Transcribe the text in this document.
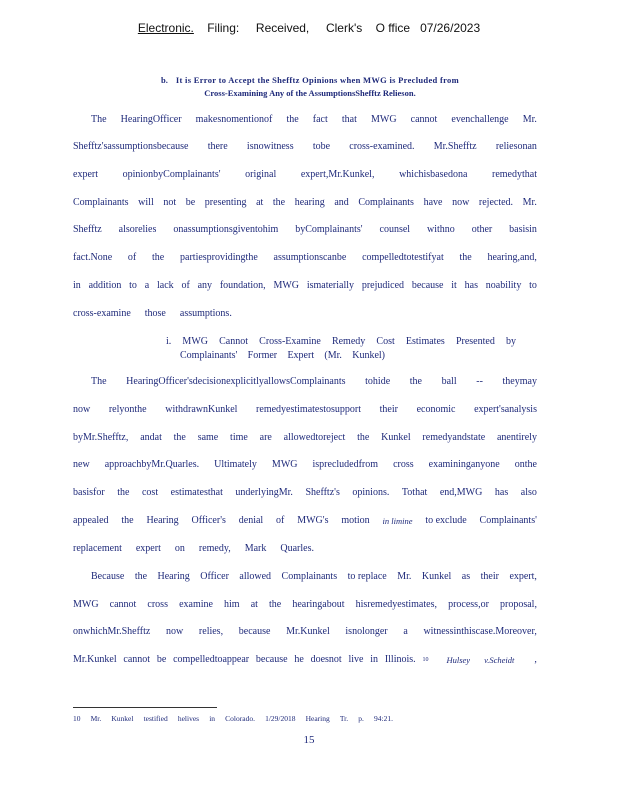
Electronic. Filing: Received, Clerk's O ffice 07/26/2023
b. It is Error to Accept the Shefftz Opinions when MWG is Precluded from
Cross-Examining Any of the AssumptionsShefftz Relieson.
The HearingOfficer makesnomentionof the fact that MWG cannot evenchallenge Mr.
Shefftz'sassumptionsbecause there isnowitness tobe cross-examined. Mr.Shefftz reliesonan
expert opinionbyComplainants' original expert,Mr.Kunkel, whichisbasedona remedythat
Complainants will not be presenting at the hearing and Complainants have now rejected. Mr.
Shefftz alsorelies onassumptionsgiventohim byComplainants' counsel withno other basisin
fact.None of the partiesprovidingthe assumptionscanbe compelledtotestifyat the hearing,and,
in addition to a lack of any foundation, MWG ismaterially prejudiced because it has noability to
cross-examine those assumptions.
i. MWG Cannot Cross-Examine Remedy Cost Estimates Presented by
Complainants' Former Expert (Mr. Kunkel)
The HearingOfficer'sdecisionexplicitlyallowsComplainants tohide the ball -- theymay
now relyonthe withdrawnKunkel remedyestimatestosupport their economic expert'sanalysis
byMr.Shefftz, andat the same time are allowedtoreject the Kunkel remedyandstate anentirely
new approachbyMr.Quarles. Ultimately MWG isprecludedfrom cross examininganyone onthe
basisfor the cost estimatesthat underlyingMr. Shefftz's opinions. Tothat end,MWG has also
appealed the Hearing Officer's denial of MWG's motion in limine to exclude Complainants'
replacement expert on remedy, Mark Quarles.
Because the Hearing Officer allowed Complainants to replace Mr. Kunkel as their expert,
MWG cannot cross examine him at the hearingabout hisremedyestimates, process,or proposal,
onwhichMr.Shefftz now relies, because Mr.Kunkel isnolonger a witnessinthiscase.Moreover,
Mr.Kunkel cannot be compelledtoappear because he doesnot live in Illinois. 10 Hulsey v.Scheidt ,
10 Mr. Kunkel testified helives in Colorado. 1/29/2018 Hearing Tr. p. 94:21.
15
